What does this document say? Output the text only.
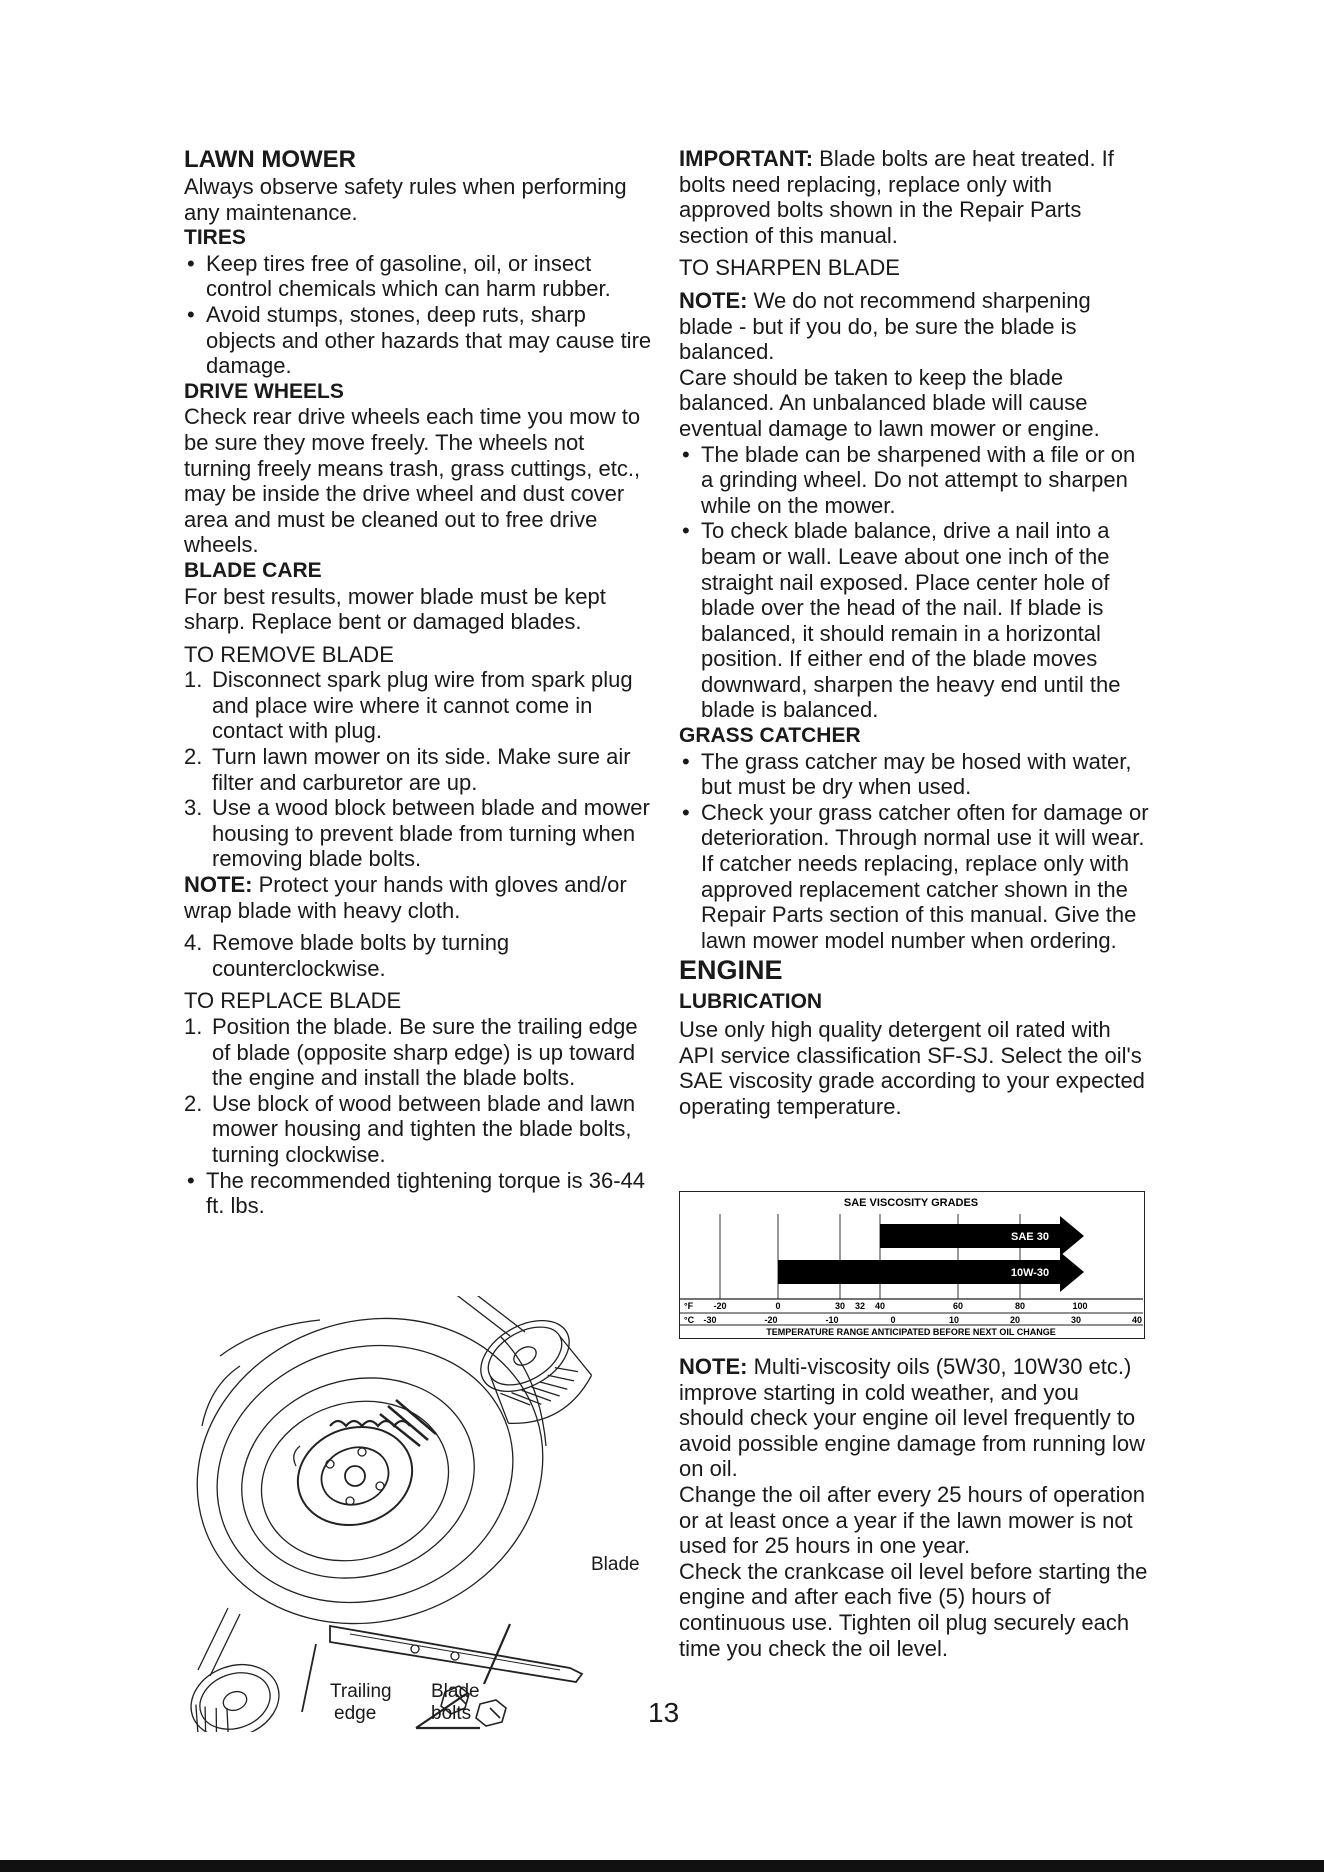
LAWN MOWER

Always observe safety rules when performing any maintenance.

TIRES

• Keep tires free of gasoline, oil, or insect control chemicals which can harm rubber.
• Avoid stumps, stones, deep ruts, sharp objects and other hazards that may cause tire damage.

DRIVE WHEELS

Check rear drive wheels each time you mow to be sure they move freely. The wheels not turning freely means trash, grass cuttings, etc., may be inside the drive wheel and dust cover area and must be cleaned out to free drive wheels.

BLADE CARE

For best results, mower blade must be kept sharp. Replace bent or damaged blades.

TO REMOVE BLADE

1. Disconnect spark plug wire from spark plug and place wire where it cannot come in contact with plug.
2. Turn lawn mower on its side. Make sure air filter and carburetor are up.
3. Use a wood block between blade and mower housing to prevent blade from turning when removing blade bolts.

NOTE: Protect your hands with gloves and/or wrap blade with heavy cloth.

4. Remove blade bolts by turning counterclockwise.

TO REPLACE BLADE

1. Position the blade. Be sure the trailing edge of blade (opposite sharp edge) is up toward the engine and install the blade bolts.
2. Use block of wood between blade and lawn mower housing and tighten the blade bolts, turning clockwise.
• The recommended tightening torque is 36-44 ft. lbs.
Blade
Trailing
edge
Blade
bolts

IMPORTANT: Blade bolts are heat treated. If bolts need replacing, replace only with approved bolts shown in the Repair Parts section of this manual.

TO SHARPEN BLADE

NOTE: We do not recommend sharpening blade - but if you do, be sure the blade is balanced.

Care should be taken to keep the blade balanced. An unbalanced blade will cause eventual damage to lawn mower or engine.

• The blade can be sharpened with a file or on a grinding wheel. Do not attempt to sharpen while on the mower.
• To check blade balance, drive a nail into a beam or wall. Leave about one inch of the straight nail exposed. Place center hole of blade over the head of the nail. If blade is balanced, it should remain in a horizontal position. If either end of the blade moves downward, sharpen the heavy end until the blade is balanced.

GRASS CATCHER

• The grass catcher may be hosed with water, but must be dry when used.
• Check your grass catcher often for damage or deterioration. Through normal use it will wear. If catcher needs replacing, replace only with approved replacement catcher shown in the Repair Parts section of this manual. Give the lawn mower model number when ordering.

ENGINE

LUBRICATION

Use only high quality detergent oil rated with API service classification SF-SJ. Select the oil's SAE viscosity grade according to your expected operating temperature.

SAE VISCOSITY GRADES
SAE 30
10W-30
°F -20	0	30 32 40	60	80	100
°C -30	-20	-10	0	10	20	30	40
TEMPERATURE RANGE ANTICIPATED BEFORE NEXT OIL CHANGE

NOTE: Multi-viscosity oils (5W30, 10W30 etc.) improve starting in cold weather, and you should check your engine oil level frequently to avoid possible engine damage from running low on oil.

Change the oil after every 25 hours of operation or at least once a year if the lawn mower is not used for 25 hours in one year.

Check the crankcase oil level before starting the engine and after each five (5) hours of continuous use. Tighten oil plug securely each time you check the oil level.

13
